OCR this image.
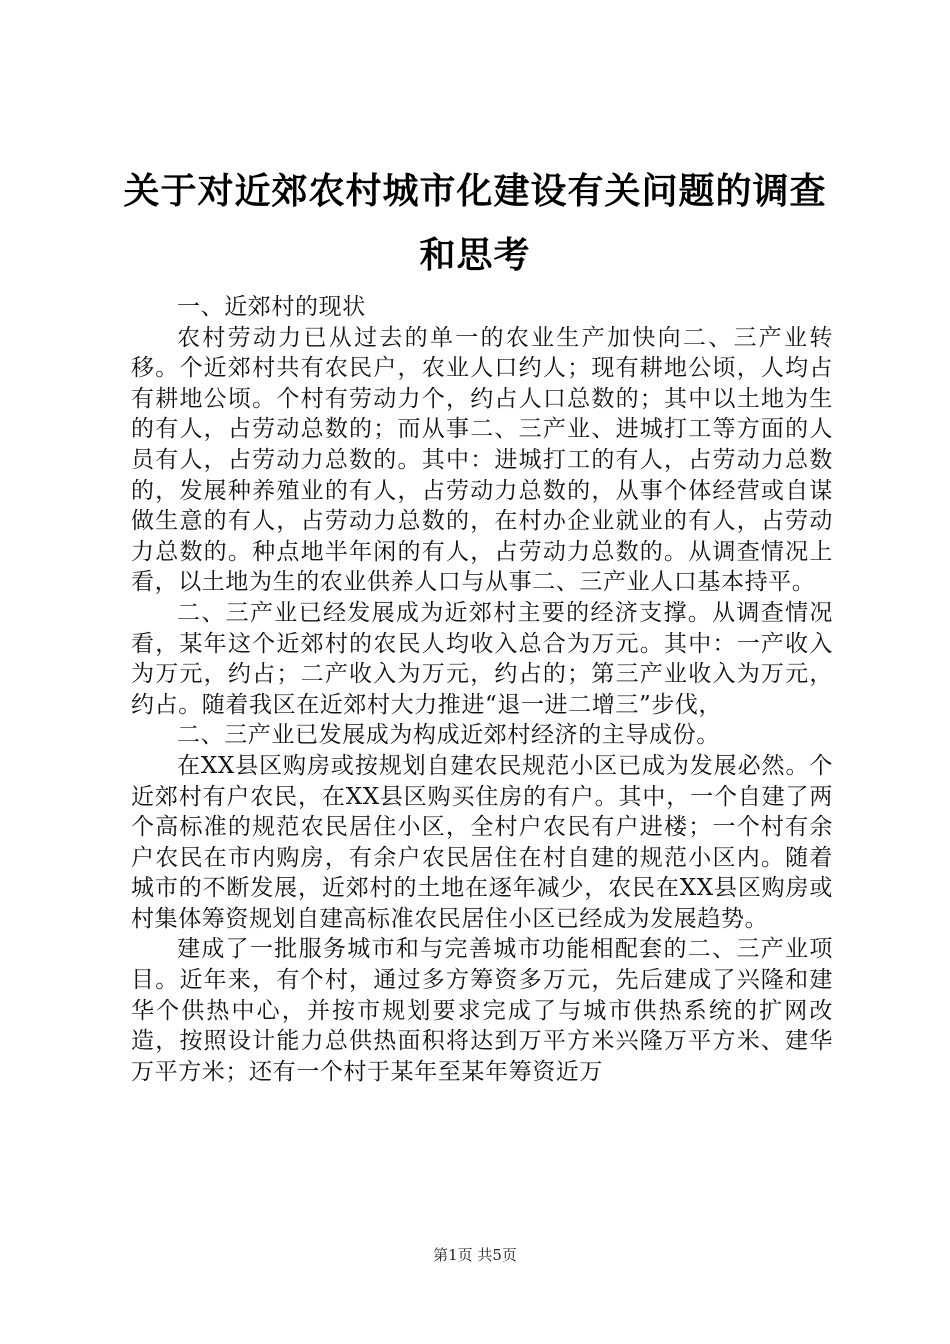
关于对近郊农村城市化建设有关问题的调查和思考

一、近郊村的现状

农村劳动力已从过去的单一的农业生产加快向二、三产业转移。个近郊村共有农民户，农业人口约人；现有耕地公顷，人均占有耕地公顷。个村有劳动力个，约占人口总数的；其中以土地为生的有人，占劳动总数的；而从事二、三产业、进城打工等方面的人员有人，占劳动力总数的。其中：进城打工的有人，占劳动力总数的，发展种养殖业的有人，占劳动力总数的，从事个体经营或自谋做生意的有人，占劳动力总数的，在村办企业就业的有人，占劳动力总数的。种点地半年闲的有人，占劳动力总数的。从调查情况上看，以土地为生的农业供养人口与从事二、三产业人口基本持平。

二、三产业已经发展成为近郊村主要的经济支撑。从调查情况看，某年这个近郊村的农民人均收入总合为万元。其中：一产收入为万元，约占；二产收入为万元，约占的；第三产业收入为万元，约占。随着我区在近郊村大力推进“退一进二增三”步伐，

二、三产业已发展成为构成近郊村经济的主导成份。

在XX县区购房或按规划自建农民规范小区已成为发展必然。个近郊村有户农民，在XX县区购买住房的有户。其中，一个自建了两个高标准的规范农民居住小区，全村户农民有户进楼；一个村有余户农民在市内购房，有余户农民居住在村自建的规范小区内。随着城市的不断发展，近郊村的土地在逐年减少，农民在XX县区购房或村集体筹资规划自建高标准农民居住小区已经成为发展趋势。

建成了一批服务城市和与完善城市功能相配套的二、三产业项目。近年来，有个村，通过多方筹资多万元，先后建成了兴隆和建华个供热中心，并按市规划要求完成了与城市供热系统的扩网改造，按照设计能力总供热面积将达到万平方米兴隆万平方米、建华万平方米；还有一个村于某年至某年筹资近万

第1页 共5页
